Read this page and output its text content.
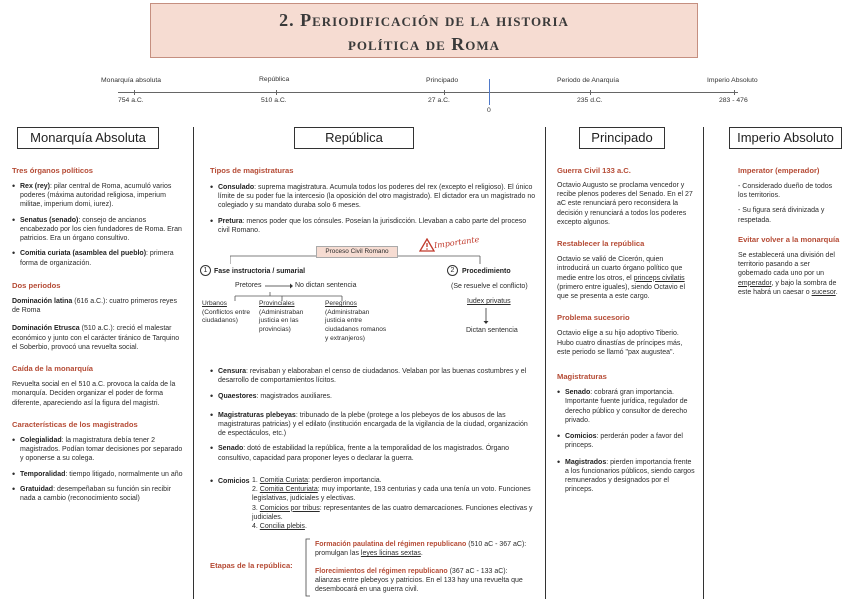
2. Periodificación de la historia
política de Roma
0
Monarquía absoluta
754 a.C.
República
510 a.C.
Principado
27 a.C.
Periodo de Anarquía
235 d.C.
Imperio Absoluto
283 - 476
Monarquía Absoluta	República	Principado	Imperio Absoluto
Tres órganos políticos
• Rex (rey): pilar central de Roma, acumuló varios poderes (máxima autoridad religiosa, imperium militae, imperium domi, iurez).
• Senatus (senado): consejo de ancianos encabezado por los cien fundadores de Roma. Eran patricios. Era un órgano consultivo.
• Comitia curiata (asamblea del pueblo): primera forma de organización.
Dos periodos
Dominación latina (616 a.C.): cuatro primeros reyes de Roma
Dominación Etrusca (510 a.C.): creció el malestar económico y junto con el carácter tiránico de Tarquino el Soberbio, provocó una revuelta social.
Caída de la monarquía
Revuelta social en el 510 a.C. provoca la caída de la monarquía. Deciden organizar el poder de forma diferente, apareciendo así la figura del magistri.
Características de los magistrados
• Colegialidad: la magistratura debía tener 2 magistrados. Podían tomar decisiones por separado y oponerse a su colega.
• Temporalidad: tiempo litigado, normalmente un año
• Gratuidad: desempeñaban su función sin recibir nada a cambio (reconocimiento social)
Tipos de magistraturas
• Consulado: suprema magistratura. Acumula todos los poderes del rex (excepto el religioso). El único límite de su poder fue la intercesio (la oposición del otro magistrado). El dictador era un magistrado no colegiado y su mandato duraba solo 6 meses.
• Pretura: menos poder que los cónsules. Poseían la jurisdicción. Llevaban a cabo parte del proceso civil Romano.
Proceso Civil Romano
Importante
1 Fase instructoria / sumarial	2	Procedimiento
Pretores	No dictan sentencia	(Se resuelve el conflicto)
Urbanos
(Conflictos entre ciudadanos)
Provinciales
(Administraban justicia en las provincias)
Peregrinos
(Administraban justicia entre ciudadanos romanos y extranjeros)
Iudex privatus
Dictan sentencia
• Censura: revisaban y elaboraban el censo de ciudadanos. Velaban por las buenas costumbres y el desarrollo de comportamientos lícitos.
• Quaestores: magistrados auxiliares.
• Magistraturas plebeyas: tribunado de la plebe (protege a los plebeyos de los abusos de las magistraturas patricias) y el edilato (institución encargada de la vigilancia de la ciudad, organización de espectáculos, etc.)
• Senado: dotó de estabilidad la república, frente a la temporalidad de los magistrados. Órgano consultivo, capacidad para proponer leyes o declarar la guerra.
• Comicios 1. Comitia Curiata: perdieron importancia.
2. Comitia Centuriata: muy importante, 193 centurias y cada una tenía un voto. Funciones legislativas, judiciales y electivas.
3. Comicios por tribus: representantes de las cuatro demarcaciones. Funciones electivas y judiciales.
4. Concilia plebis.
Etapas de la república:
Formación paulatina del régimen republicano (510 aC - 367 aC):
promulgan las leyes licinas sextas.
Florecimientos del régimen republicano (367 aC - 133 aC):
alianzas entre plebeyos y patricios. En el 133 hay una revuelta que desembocará en una guerra civil.
Guerra Civil 133 a.C.
Octavio Augusto se proclama vencedor y recibe plenos poderes del Senado. En el 27 aC este renunciará pero reconsidera la decisión y renunciará a todos los poderes excepto algunos.
Restablecer la república
Octavio se valió de Cicerón, quien introducirá un cuarto órgano político que medie entre los otros, el princeps civilatis (primero entre iguales), siendo Octavio el que se presenta a este cargo.
Problema sucesorio
Octavio elige a su hijo adoptivo Tiberio. Hubo cuatro dinastías de príncipes más, este periodo se llamó "pax augustea".
Magistraturas
• Senado: cobrará gran importancia. Importante fuente jurídica, regulador de derecho público y consultor de derecho privado.
• Comicios: perderán poder a favor del princeps.
• Magistrados: pierden importancia frente a los funcionarios públicos, siendo cargos remunerados y designados por el princeps.
Imperator (emperador)
- Considerado dueño de todos los territorios.
- Su figura será divinizada y respetada.
Evitar volver a la monarquía
Se establecerá una división del territorio pasando a ser gobernado cada uno por un emperador, y bajo la sombra de este habrá un caesar o sucesor.
